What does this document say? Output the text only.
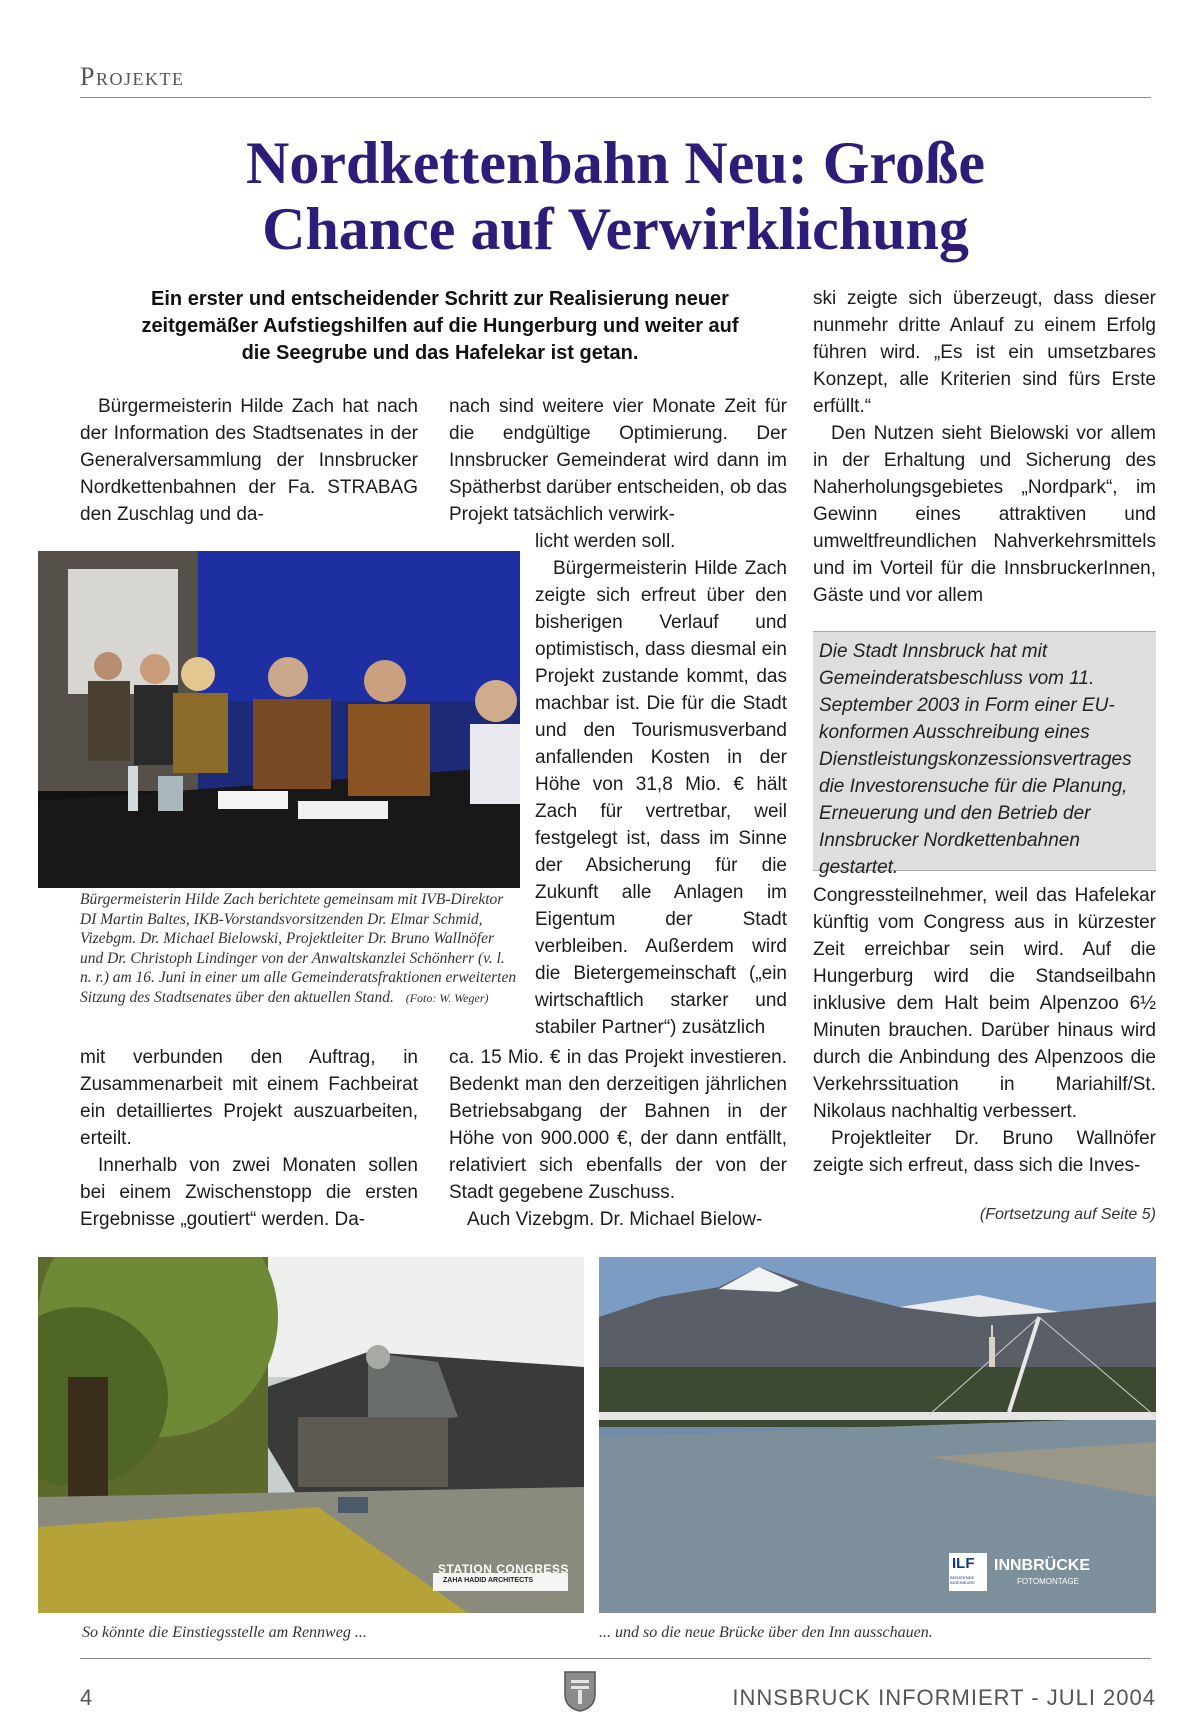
Projekte
Nordkettenbahn Neu: Große
Chance auf Verwirklichung
Ein erster und entscheidender Schritt zur Realisierung neuer
zeitgemäßer Aufstiegshilfen auf die Hungerburg und weiter auf
die Seegrube und das Hafelekar ist getan.

Bürgermeisterin Hilde Zach hat nach der Information des Stadtsenates in der Generalversammlung der Innsbrucker Nordkettenbahnen der Fa. STRABAG den Zuschlag und da-

nach sind weitere vier Monate Zeit für die endgültige Optimierung. Der Innsbrucker Gemeinderat wird dann im Spätherbst darüber entscheiden, ob das Projekt tatsächlich verwirk-

Bürgermeisterin Hilde Zach berichtete gemeinsam mit IVB-Direktor DI Martin Baltes, IKB-Vorstandsvorsitzenden Dr. Elmar Schmid, Vizebgm. Dr. Michael Bielowski, Projektleiter Dr. Bruno Wallnöfer und Dr. Christoph Lindinger von der Anwaltskanzlei Schönherr (v. l. n. r.) am 16. Juni in einer um alle Gemeinderatsfraktionen erweiterten Sitzung des Stadtsenates über den aktuellen Stand. (Foto: W. Weger)

licht werden soll.

Bürgermeisterin Hilde Zach zeigte sich erfreut über den bisherigen Verlauf und optimistisch, dass diesmal ein Projekt zustande kommt, das machbar ist. Die für die Stadt und den Tourismusverband anfallenden Kosten in der Höhe von 31,8 Mio. € hält Zach für vertretbar, weil festgelegt ist, dass im Sinne der Absicherung für die Zukunft alle Anlagen im Eigentum der Stadt verbleiben. Außerdem wird die Bietergemeinschaft („ein wirtschaftlich starker und stabiler Partner“) zusätzlich

mit verbunden den Auftrag, in Zusammenarbeit mit einem Fachbeirat ein detailliertes Projekt auszuarbeiten, erteilt.

Innerhalb von zwei Monaten sollen bei einem Zwischenstopp die ersten Ergebnisse „goutiert“ werden. Da-

ca. 15 Mio. € in das Projekt investieren. Bedenkt man den derzeitigen jährlichen Betriebsabgang der Bahnen in der Höhe von 900.000 €, der dann entfällt, relativiert sich ebenfalls der von der Stadt gegebene Zuschuss.

Auch Vizebgm. Dr. Michael Bielow-

ski zeigte sich überzeugt, dass dieser nunmehr dritte Anlauf zu einem Erfolg führen wird. „Es ist ein umsetzbares Konzept, alle Kriterien sind fürs Erste erfüllt.“

Den Nutzen sieht Bielowski vor allem in der Erhaltung und Sicherung des Naherholungsgebietes „Nordpark“, im Gewinn eines attraktiven und umweltfreundlichen Nahverkehrsmittels und im Vorteil für die InnsbruckerInnen, Gäste und vor allem

Die Stadt Innsbruck hat mit Gemeinderatsbeschluss vom 11. September 2003 in Form einer EU-konformen Ausschreibung eines Dienstleistungskonzessionsvertrages die Investorensuche für die Planung, Erneuerung und den Betrieb der Innsbrucker Nordkettenbahnen gestartet.

Congressteilnehmer, weil das Hafelekar künftig vom Congress aus in kürzester Zeit erreichbar sein wird. Auf die Hungerburg wird die Standseilbahn inklusive dem Halt beim Alpenzoo 6½ Minuten brauchen. Darüber hinaus wird durch die Anbindung des Alpenzoos die Verkehrssituation in Mariahilf/St. Nikolaus nachhaltig verbessert.

Projektleiter Dr. Bruno Wallnöfer zeigte sich erfreut, dass sich die Inves-

(Fortsetzung auf Seite 5)
STATION CONGRESS
ZAHA HADID ARCHITECTS
ILF
BERATENDE INGENIEURE
INNBRÜCKE
FOTOMONTAGE
So könnte die Einstiegsstelle am Rennweg ...	... und so die neue Brücke über den Inn ausschauen.
4	INNSBRUCK INFORMIERT - JULI 2004
